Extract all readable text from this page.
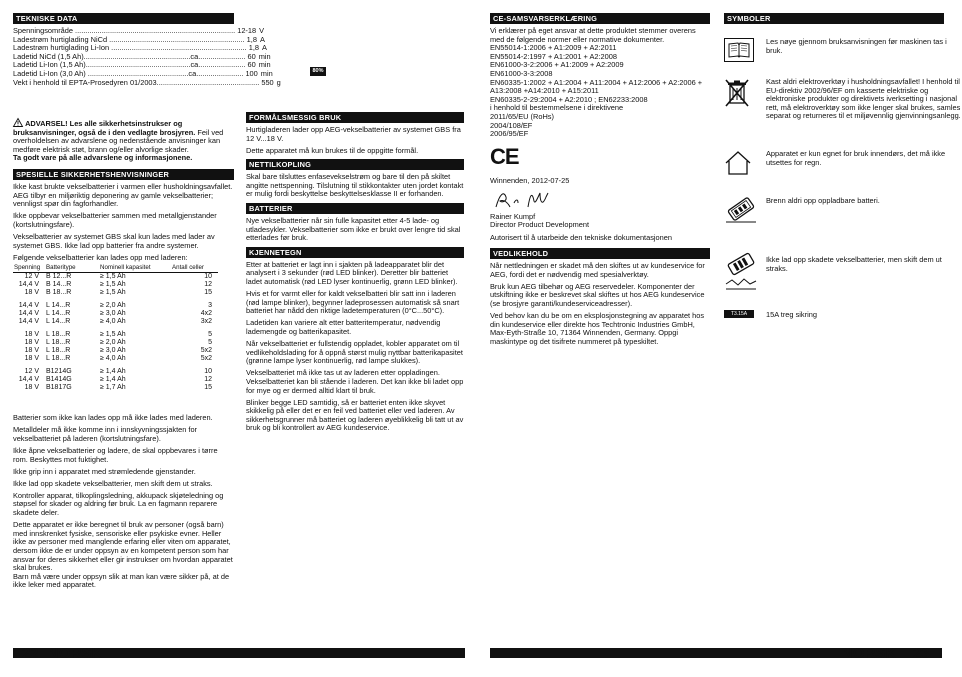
TEKNISKE DATA
Spenningsområde .............................................................................. 12-18 V
Ladestrøm hurtiglading NiCd .................................................................. 1,8 A
Ladestrøm hurtiglading Li-Ion .................................................................. 1,8 A
Ladetid NiCd (1,5 Ah)....................................................ca....................... 60 min
Ladetid Li-Ion (1,5 Ah)...................................................ca....................... 60 min
Ladetid Li-Ion (3,0 Ah) .................................................ca....................... 100 min
Vekt i henhold til EPTA-Prosedyren 01/2003.................................................. 550 g
80%

ADVARSEL! Les alle sikkerhetsinstrukser og bruksanvisninger, også de i den vedlagte brosjyren. Feil ved overholdelsen av advarslene og nedenstående anvisninger kan medføre elektrisk støt, brann og/eller alvorlige skader.
Ta godt vare på alle advarslene og informasjonene.

SPESIELLE SIKKERHETSHENVISNINGER

Ikke kast brukte vekselbatterier i varmen eller husholdningsavfallet. AEG tilbyr en miljøriktig deponering av gamle vekselbatterier; vennligst spør din fagforhandler.

Ikke oppbevar vekselbatterier sammen med metallgjenstander (kortslutningsfare).

Vekselbatterier av systemet GBS skal kun lades med lader av systemet GBS. Ikke lad opp batterier fra andre systemer.

Følgende vekselbatterier kan lades opp med laderen:

Spenning	Batteritype	Nominell kapasitet	Antall celler
12 V	B 12...R	≥ 1,5 Ah	10
14,4 V	B 14...R	≥ 1,5 Ah	12
18 V	B 18...R	≥ 1,5 Ah	15

14,4 V	L 14...R	≥ 2,0 Ah	3
14,4 V	L 14...R	≥ 3,0 Ah	4x2
14,4 V	L 14...R	≥ 4,0 Ah	3x2

18 V	L 18...R	≥ 1,5 Ah	5
18 V	L 18...R	≥ 2,0 Ah	5
18 V	L 18...R	≥ 3,0 Ah	5x2
18 V	L 18...R	≥ 4,0 Ah	5x2

12 V	B1214G	≥ 1,4 Ah	10
14,4 V	B1414G	≥ 1,4 Ah	12
18 V	B1817G	≥ 1,7 Ah	15

Batterier som ikke kan lades opp må ikke lades med laderen.

Metalldeler må ikke komme inn i innskyvningssjakten for vekselbatteriet på laderen (kortslutningsfare).

Ikke åpne vekselbatterier og ladere, de skal oppbevares i tørre rom. Beskyttes mot fuktighet.

Ikke grip inn i apparatet med strømledende gjenstander.

Ikke lad opp skadete vekselbatterier, men skift dem ut straks.

Kontroller apparat, tilkoplingsledning, akkupack skjøteledning og støpsel for skader og aldring før bruk. La en fagmann reparere skadete deler.

Dette apparatet er ikke beregnet til bruk av personer (også barn) med innskrenket fysiske, sensoriske eller psykiske evner. Heller ikke av personer med manglende erfaring eller viten om apparatet, dersom ikke de er under oppsyn av en kompetent person som har ansvar for deres sikkerhet eller gir instrukser om hvordan apparatet skal brukes.
Barn må være under oppsyn slik at man kan være sikker på, at de ikke leker med apparatet.

FORMÅLSMESSIG BRUK

Hurtigladeren lader opp AEG-vekselbatterier av systemet GBS fra 12 V...18 V.

Dette apparatet må kun brukes til de oppgitte formål.

NETTILKOPLING

Skal bare tilsluttes enfasevekselstrøm og bare til den på skiltet angitte nettspenning. Tilslutning til stikkontakter uten jordet kontakt er mulig fordi beskyttelse beskyttelsesklasse II er forhanden.

BATTERIER

Nye vekselbatterier når sin fulle kapasitet etter 4-5 lade- og utladesykler. Vekselbatterier som ikke er brukt over lengre tid skal etterlades før bruk.

KJENNETEGN

Etter at batteriet er lagt inn i sjakten på ladeapparatet blir det analysert i 3 sekunder (rød LED blinker). Deretter blir batteriet ladet automatisk (rød LED lyser kontinuerlig, grønn LED blinker).

Hvis et for varmt eller for kaldt vekselbatteri blir satt inn i laderen (rød lampe blinker), begynner ladeprosessen automatisk så snart batteriet har nådd den riktige ladetemperaturen (0°C...50°C).

Ladetiden kan variere alt etter batteritemperatur, nødvendig lademengde og batterikapasitet.

Når vekselbatteriet er fullstendig oppladet, kobler apparatet om til vedlikeholdslading for å oppnå størst mulig nyttbar batterikapasitet (grønne lampe lyser kontinuerlig, rød lampe slukkes).

Vekselbatteriet må ikke tas ut av laderen etter oppladingen. Vekselbatteriet kan bli stående i laderen. Det kan ikke bli ladet opp for mye og er dermed alltid klart til bruk.

Blinker begge LED samtidig, så er batteriet enten ikke skyvet skikkelig på eller det er en feil ved batteriet eller ved laderen. Av sikkerhetsgrunner må batteriet og laderen øyeblikkelig bli tatt ut av bruk og bli kontrollert av AEG kundeservice.

CE-SAMSVARSERKLÆRING

Vi erklærer på eget ansvar at dette produktet stemmer overens med de følgende normer eller normative dokumenter.
EN55014-1:2006 + A1:2009 + A2:2011
EN55014-2:1997 + A1:2001 + A2:2008
EN61000-3-2:2006 + A1:2009 + A2:2009
EN61000-3-3:2008
EN60335-1:2002 + A1:2004 + A11:2004 + A12:2006 + A2:2006 + A13:2008 +A14:2010 + A15:2011
EN60335-2-29:2004 + A2:2010 ; EN62233:2008
i henhold til bestemmelsene i direktivene
2011/65/EU (RoHs)
2004/108/EF
2006/95/EF

CE

Winnenden, 2012-07-25

Rainer Kumpf

Director Product Development

Autorisert til å utarbeide den tekniske dokumentasjonen

VEDLIKEHOLD

Når nettledningen er skadet må den skiftes ut av kundeservice for AEG, fordi det er nødvendig med spesialverktøy.

Bruk kun AEG tilbehør og AEG reservedeler. Komponenter der utskiftning ikke er beskrevet skal skiftes ut hos AEG kundeservice (se brosjyre garanti/kundeserviceadresser).

Ved behov kan du be om en eksplosjonstegning av apparatet hos din kundeservice eller direkte hos Techtronic Industries GmbH, Max-Eyth-Straße 10, 71364 Winnenden, Germany. Oppgi maskintype og det tisifrete nummeret på typeskiltet.

SYMBOLER
Les nøye gjennom bruksanvisningen før maskinen tas i bruk.
Kast aldri elektroverktøy i husholdningsavfallet! I henhold til EU-direktiv 2002/96/EF om kasserte elektriske og elektroniske produkter og direktivets iverksetting i nasjonal rett, må elektroverktøy som ikke lenger skal brukes, samles separat og returneres til et miljøvennlig gjenvinningsanlegg.
Apparatet er kun egnet for bruk innendørs, det må ikke utsettes for regn.
Brenn aldri opp oppladbare batteri.
Ikke lad opp skadete vekselbatterier, men skift dem ut straks.
T3.15A	15A treg sikring
22 NORSK	NORSK 23
